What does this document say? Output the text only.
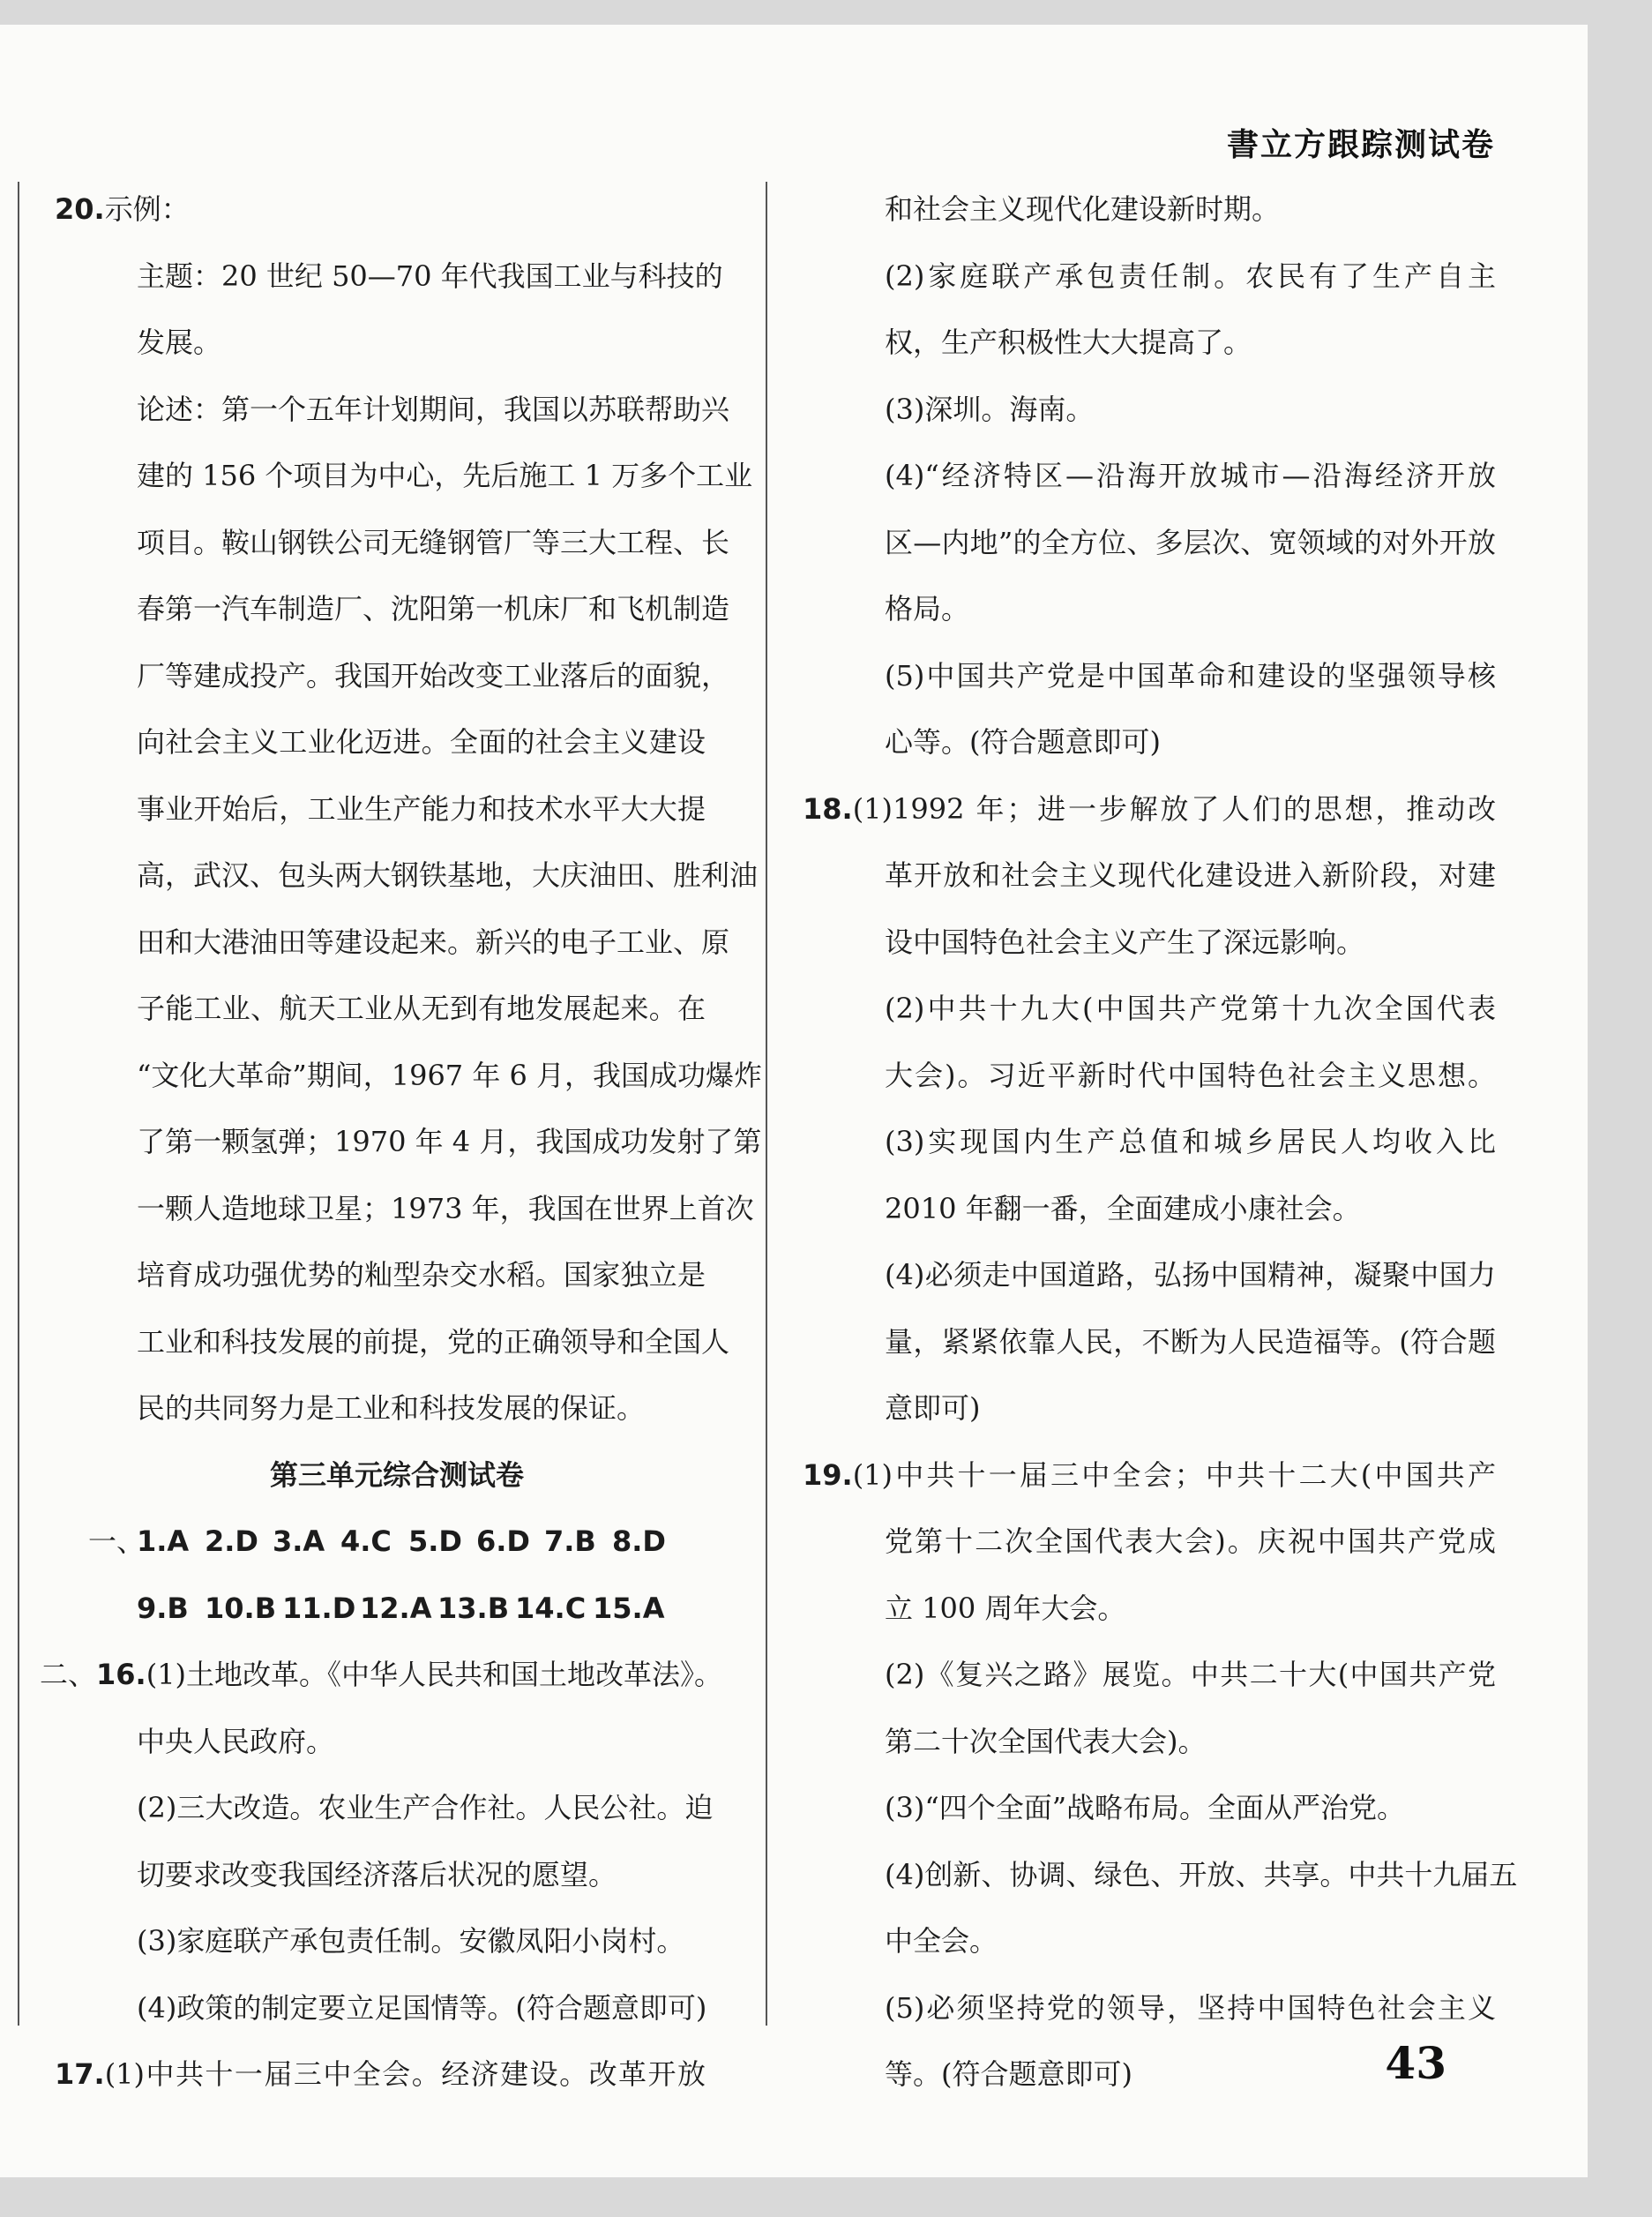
書立方跟踪测试卷
20.示例：
主题：20 世纪 50—70 年代我国工业与科技的
发展。
论述：第一个五年计划期间，我国以苏联帮助兴
建的 156 个项目为中心，先后施工 1 万多个工业
项目。鞍山钢铁公司无缝钢管厂等三大工程、长
春第一汽车制造厂、沈阳第一机床厂和飞机制造
厂等建成投产。我国开始改变工业落后的面貌，
向社会主义工业化迈进。全面的社会主义建设
事业开始后，工业生产能力和技术水平大大提
高，武汉、包头两大钢铁基地，大庆油田、胜利油
田和大港油田等建设起来。新兴的电子工业、原
子能工业、航天工业从无到有地发展起来。在
“文化大革命”期间，1967 年 6 月，我国成功爆炸
了第一颗氢弹；1970 年 4 月，我国成功发射了第
一颗人造地球卫星；1973 年，我国在世界上首次
培育成功强优势的籼型杂交水稻。国家独立是
工业和科技发展的前提，党的正确领导和全国人
民的共同努力是工业和科技发展的保证。
第三单元综合测试卷
一、
1.A 2.D 3.A 4.C 5.D 6.D 7.B 8.D
9.B 10.B 11.D 12.A 13.B 14.C 15.A
二、16.(1)土地改革。《中华人民共和国土地改革法》。
中央人民政府。
(2)三大改造。农业生产合作社。人民公社。迫
切要求改变我国经济落后状况的愿望。
(3)家庭联产承包责任制。安徽凤阳小岗村。
(4)政策的制定要立足国情等。(符合题意即可)
17.(1)中共十一届三中全会。经济建设。改革开放
和社会主义现代化建设新时期。
(2)家庭联产承包责任制。农民有了生产自主
权，生产积极性大大提高了。
(3)深圳。海南。
(4)“经济特区—沿海开放城市—沿海经济开放
区—内地”的全方位、多层次、宽领域的对外开放
格局。
(5)中国共产党是中国革命和建设的坚强领导核
心等。(符合题意即可)
18.(1)1992 年；进一步解放了人们的思想，推动改
革开放和社会主义现代化建设进入新阶段，对建
设中国特色社会主义产生了深远影响。
(2)中共十九大(中国共产党第十九次全国代表
大会)。习近平新时代中国特色社会主义思想。
(3)实现国内生产总值和城乡居民人均收入比
2010 年翻一番，全面建成小康社会。
(4)必须走中国道路，弘扬中国精神，凝聚中国力
量，紧紧依靠人民，不断为人民造福等。(符合题
意即可)
19.(1)中共十一届三中全会；中共十二大(中国共产
党第十二次全国代表大会)。庆祝中国共产党成
立 100 周年大会。
(2)《复兴之路》展览。中共二十大(中国共产党
第二十次全国代表大会)。
(3)“四个全面”战略布局。全面从严治党。
(4)创新、协调、绿色、开放、共享。中共十九届五
中全会。
(5)必须坚持党的领导，坚持中国特色社会主义
等。(符合题意即可)	43
